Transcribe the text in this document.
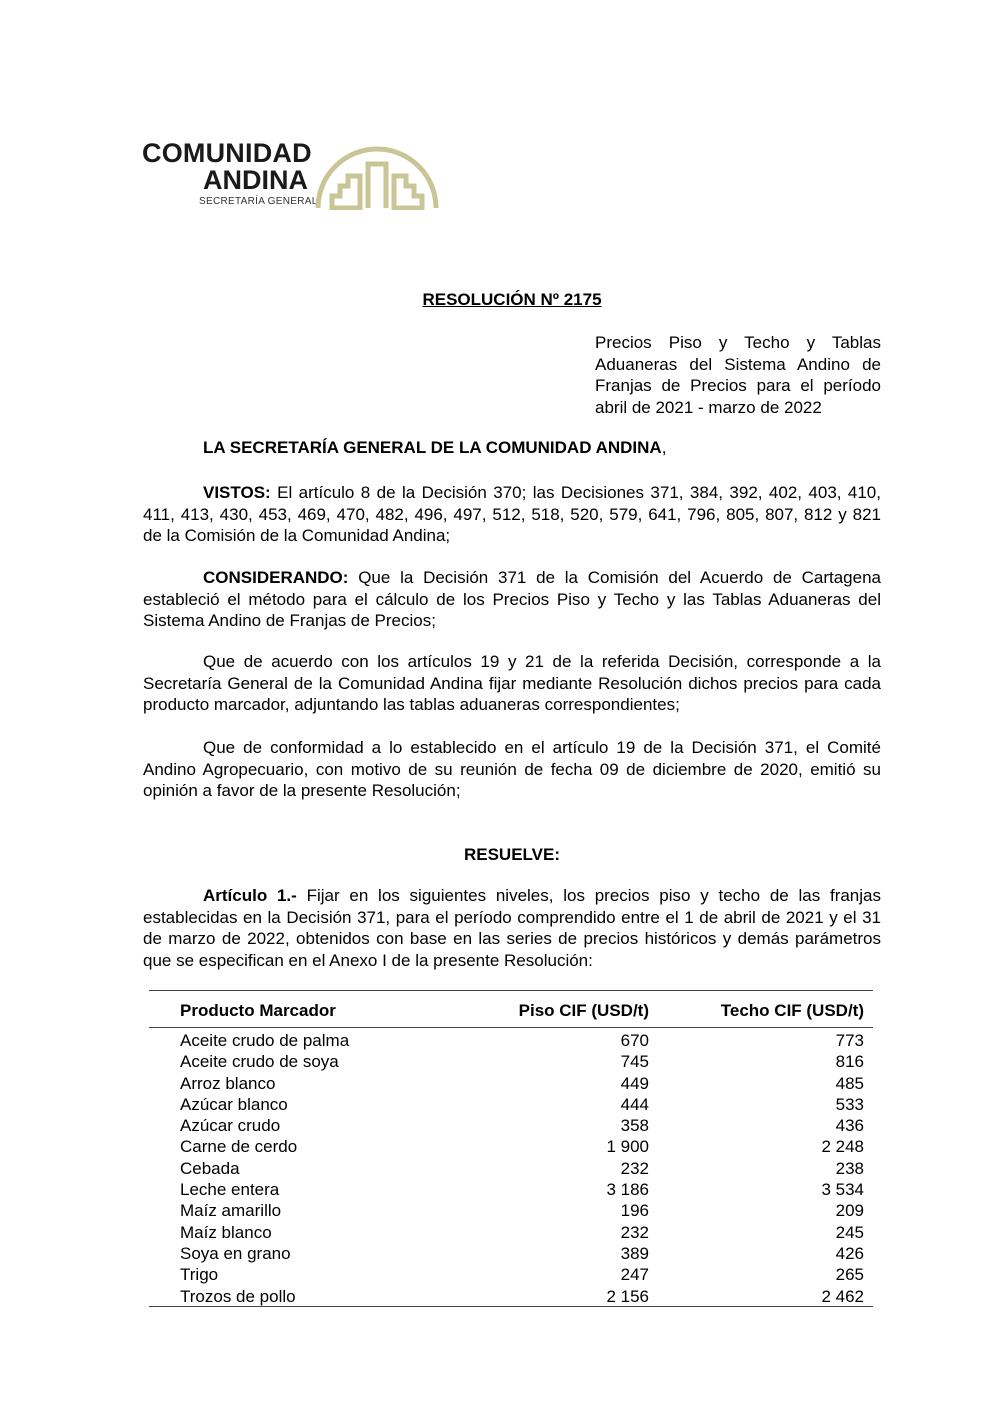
COMUNIDAD
ANDINA
SECRETARÍA GENERAL
RESOLUCIÓN Nº 2175
Precios Piso y Techo y Tablas Aduaneras del Sistema Andino de Franjas de Precios para el período abril de 2021 - marzo de 2022
LA SECRETARÍA GENERAL DE LA COMUNIDAD ANDINA,
VISTOS: El artículo 8 de la Decisión 370; las Decisiones 371, 384, 392, 402, 403, 410, 411, 413, 430, 453, 469, 470, 482, 496, 497, 512, 518, 520, 579, 641, 796, 805, 807, 812 y 821 de la Comisión de la Comunidad Andina;
CONSIDERANDO: Que la Decisión 371 de la Comisión del Acuerdo de Cartagena estableció el método para el cálculo de los Precios Piso y Techo y las Tablas Aduaneras del Sistema Andino de Franjas de Precios;
Que de acuerdo con los artículos 19 y 21 de la referida Decisión, corresponde a la Secretaría General de la Comunidad Andina fijar mediante Resolución dichos precios para cada producto marcador, adjuntando las tablas aduaneras correspondientes;
Que de conformidad a lo establecido en el artículo 19 de la Decisión 371, el Comité Andino Agropecuario, con motivo de su reunión de fecha 09 de diciembre de 2020, emitió su opinión a favor de la presente Resolución;
RESUELVE:
Artículo 1.- Fijar en los siguientes niveles, los precios piso y techo de las franjas establecidas en la Decisión 371, para el período comprendido entre el 1 de abril de 2021 y el 31 de marzo de 2022, obtenidos con base en las series de precios históricos y demás parámetros que se especifican en el Anexo I de la presente Resolución:
Producto Marcador	Piso CIF (USD/t)	Techo CIF (USD/t)
Aceite crudo de palma	670	773
Aceite crudo de soya	745	816
Arroz blanco	449	485
Azúcar blanco	444	533
Azúcar crudo	358	436
Carne de cerdo	1 900	2 248
Cebada	232	238
Leche entera	3 186	3 534
Maíz amarillo	196	209
Maíz blanco	232	245
Soya en grano	389	426
Trigo	247	265
Trozos de pollo	2 156	2 462
